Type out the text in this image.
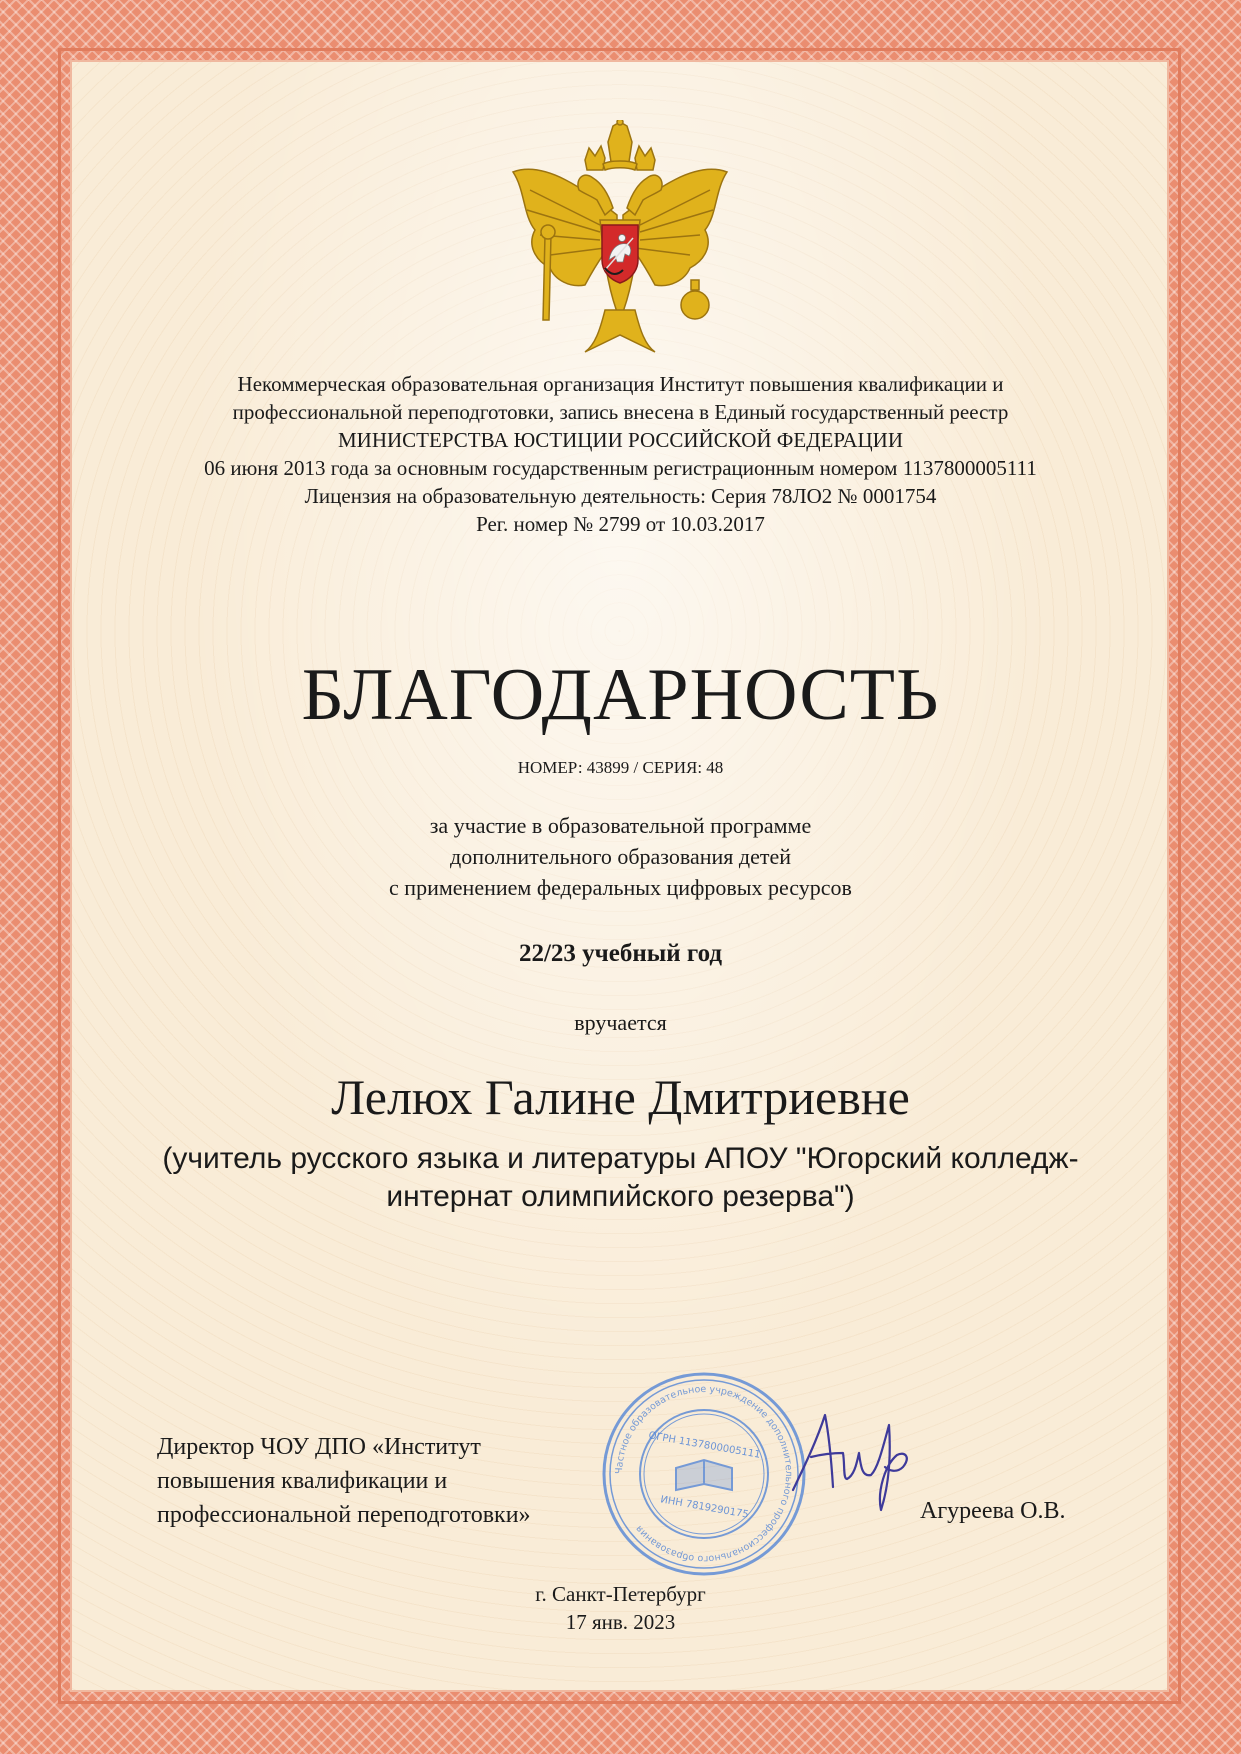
Некоммерческая образовательная организация Институт повышения квалификации и
профессиональной переподготовки, запись внесена в Единый государственный реестр
МИНИСТЕРСТВА ЮСТИЦИИ РОССИЙСКОЙ ФЕДЕРАЦИИ
06 июня 2013 года за основным государственным регистрационным номером 1137800005111
Лицензия на образовательную деятельность: Серия 78ЛО2 № 0001754
Рег. номер № 2799 от 10.03.2017
БЛАГОДАРНОСТЬ
НОМЕР: 43899 / СЕРИЯ: 48
за участие в образовательной программе
дополнительного образования детей
с применением федеральных цифровых ресурсов
22/23 учебный год
вручается
Лелюх Галине Дмитриевне
(учитель русского языка и литературы АПОУ "Югорский колледж-
интернат олимпийского резерва")
Директор ЧОУ ДПО «Институт
повышения квалификации и
профессиональной переподготовки»
Частное образовательное учреждение дополнительного профессионального образования
ОГРН 1137800005111
ИНН 7819290175	Агуреева О.В.
г. Санкт-Петербург
17 янв. 2023
